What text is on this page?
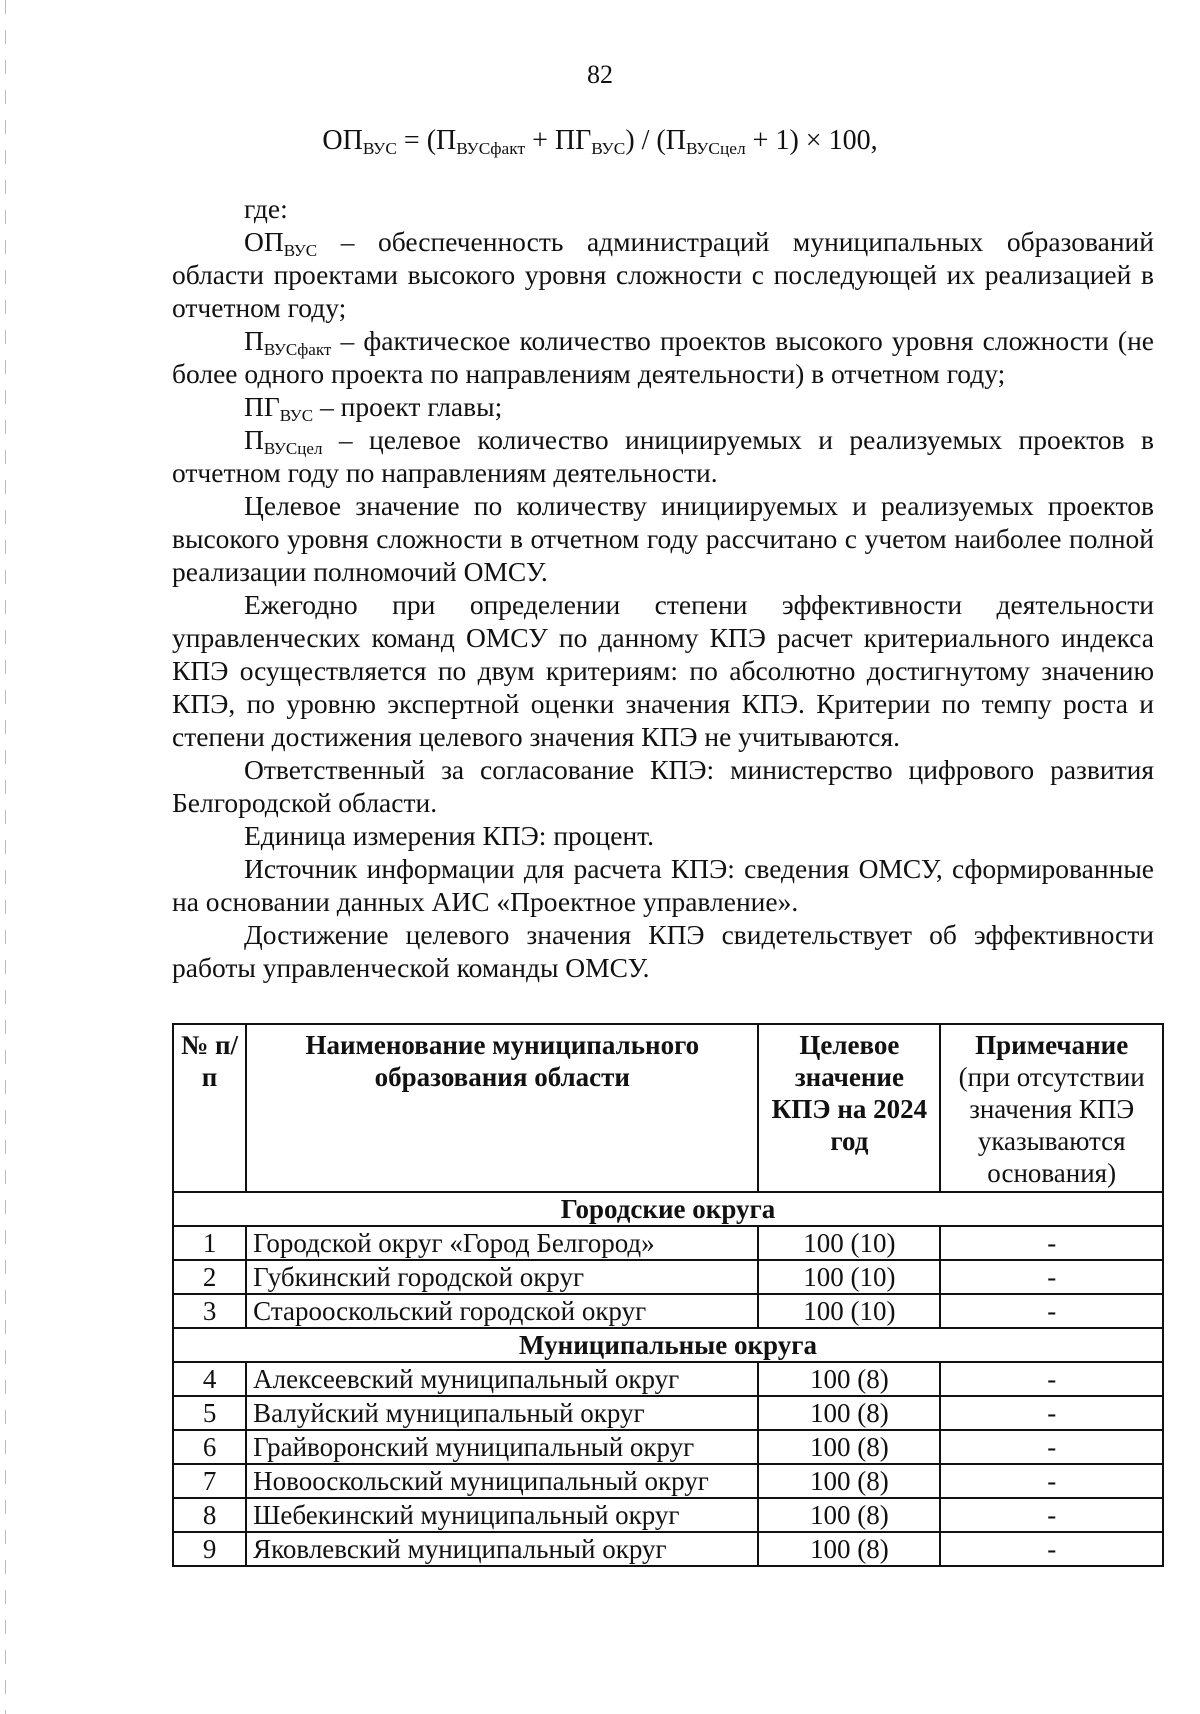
82
$ОП_{ВУС} = (П_{ВУСфакт} + ПГ_{ВУС}) / (П_{ВУСцел} + 1) \times 100$,

где:

$ОП_{ВУС}$ – обеспеченность администраций муниципальных образований области проектами высокого уровня сложности с последующей их реализацией в отчетном году;

$П_{ВУСфакт}$ – фактическое количество проектов высокого уровня сложности (не более одного проекта по направлениям деятельности) в отчетном году;

$ПГ_{ВУС}$ – проект главы;

$П_{ВУСцел}$ – целевое количество инициируемых и реализуемых проектов в отчетном году по направлениям деятельности.

Целевое значение по количеству инициируемых и реализуемых проектов высокого уровня сложности в отчетном году рассчитано с учетом наиболее полной реализации полномочий ОМСУ.

Ежегодно при определении степени эффективности деятельности управленческих команд ОМСУ по данному КПЭ расчет критериального индекса КПЭ осуществляется по двум критериям: по абсолютно достигнутому значению КПЭ, по уровню экспертной оценки значения КПЭ. Критерии по темпу роста и степени достижения целевого значения КПЭ не учитываются.

Ответственный за согласование КПЭ: министерство цифрового развития Белгородской области.

Единица измерения КПЭ: процент.

Источник информации для расчета КПЭ: сведения ОМСУ, сформированные на основании данных АИС «Проектное управление».

Достижение целевого значения КПЭ свидетельствует об эффективности работы управленческой команды ОМСУ.

№ п/п	Наименование муниципального образования области	Целевое значение КПЭ на 2024 год	Примечание
(при отсутствии значения КПЭ указываются основания)
Городские округа			
1	Городской округ «Город Белгород»	100 (10)	-
2	Губкинский городской округ	100 (10)	-
3	Старооскольский городской округ	100 (10)	-
Муниципальные округа			
4	Алексеевский муниципальный округ	100 (8)	-
5	Валуйский муниципальный округ	100 (8)	-
6	Грайворонский муниципальный округ	100 (8)	-
7	Новооскольский муниципальный округ	100 (8)	-
8	Шебекинский муниципальный округ	100 (8)	-
9	Яковлевский муниципальный округ	100 (8)	-
